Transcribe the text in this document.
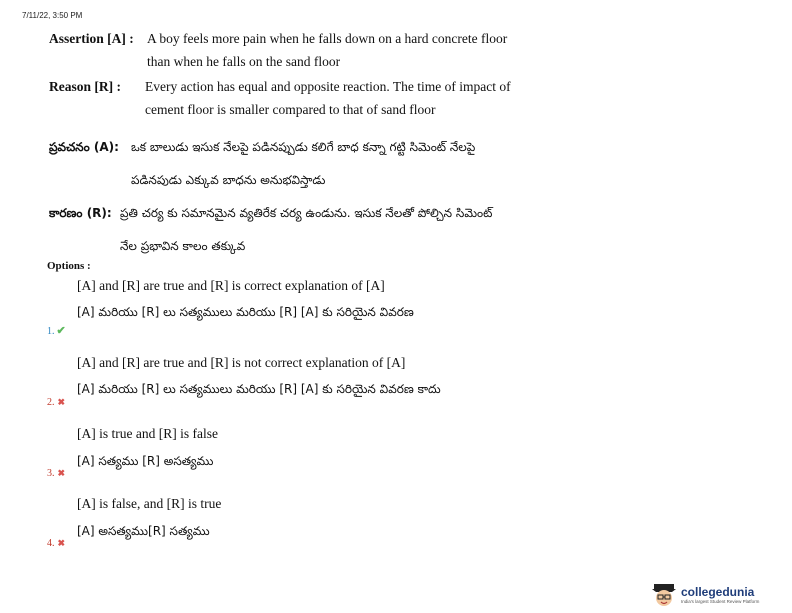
7/11/22, 3:50 PM
Assertion [A] : A boy feels more pain when he falls down on a hard concrete floor
than when he falls on the sand floor
Reason [R] : Every action has equal and opposite reaction. The time of impact of
cement floor is smaller compared to that of sand floor
ప్రవచనం (A): ఒక బాలుడు ఇసుక నేలపై పడినప్పుడు కలిగే బాధ కన్నా గట్టి సిమెంట్ నేలపై
పడినపుడు ఎక్కువ బాధను అనుభవిస్తాడు
కారణం (R): ప్రతి చర్య కు సమానమైన వ్యతిరేక చర్య ఉండును. ఇసుక నేలతో పోల్చిన సిమెంట్
నేల ప్రభావిన కాలం తక్కువ
Options :
[A] and [R] are true and [R] is correct explanation of [A]
[A] మరియు [R] లు సత్యములు మరియు [R] [A] కు సరియైన వివరణ
1. ✔
[A] and [R] are true and [R] is not correct explanation of [A]
[A] మరియు [R] లు సత్యములు మరియు [R] [A] కు సరియైన వివరణ కాదు
2. ✖
[A] is true and [R] is false
[A] సత్యము [R] అసత్యము
3. ✖
[A] is false, and [R] is true
[A] అసత్యము[R] సత్యము
4. ✖
collegedunia
India's largest Student Review Platform
